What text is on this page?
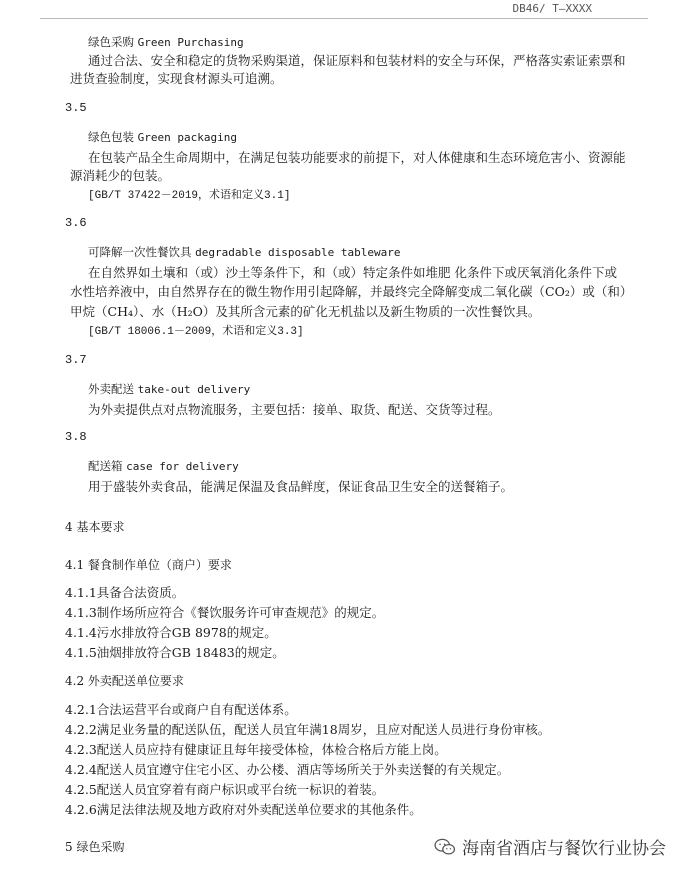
DB46/ T—XXXX
绿色采购 Green Purchasing
通过合法、安全和稳定的货物采购渠道，保证原料和包装材料的安全与环保，严格落实索证索票和
进货查验制度，实现食材源头可追溯。
3.5
绿色包装 Green packaging
在包装产品全生命周期中，在满足包装功能要求的前提下，对人体健康和生态环境危害小、资源能
源消耗少的包装。
[GB/T 37422－2019，术语和定义3.1]
3.6
可降解一次性餐饮具 degradable disposable tableware
在自然界如土壤和（或）沙土等条件下，和（或）特定条件如堆肥 化条件下或厌氧消化条件下或
水性培养液中，由自然界存在的微生物作用引起降解，并最终完全降解变成二氧化碳（CO₂）或（和）
甲烷（CH₄）、水（H₂O）及其所含元素的矿化无机盐以及新生物质的一次性餐饮具。
[GB/T 18006.1－2009，术语和定义3.3]
3.7
外卖配送 take-out delivery
为外卖提供点对点物流服务，主要包括：接单、取货、配送、交货等过程。
3.8
配送箱 case for delivery
用于盛装外卖食品，能满足保温及食品鲜度，保证食品卫生安全的送餐箱子。
4 基本要求
4.1 餐食制作单位（商户）要求
4.1.1具备合法资质。
4.1.3制作场所应符合《餐饮服务许可审查规范》的规定。
4.1.4污水排放符合GB 8978的规定。
4.1.5油烟排放符合GB 18483的规定。
4.2 外卖配送单位要求
4.2.1合法运营平台或商户自有配送体系。
4.2.2满足业务量的配送队伍，配送人员宜年满18周岁，且应对配送人员进行身份审核。
4.2.3配送人员应持有健康证且每年接受体检，体检合格后方能上岗。
4.2.4配送人员宜遵守住宅小区、办公楼、酒店等场所关于外卖送餐的有关规定。
4.2.5配送人员宜穿着有商户标识或平台统一标识的着装。
4.2.6满足法律法规及地方政府对外卖配送单位要求的其他条件。
5 绿色采购	海南省酒店与餐饮行业协会
